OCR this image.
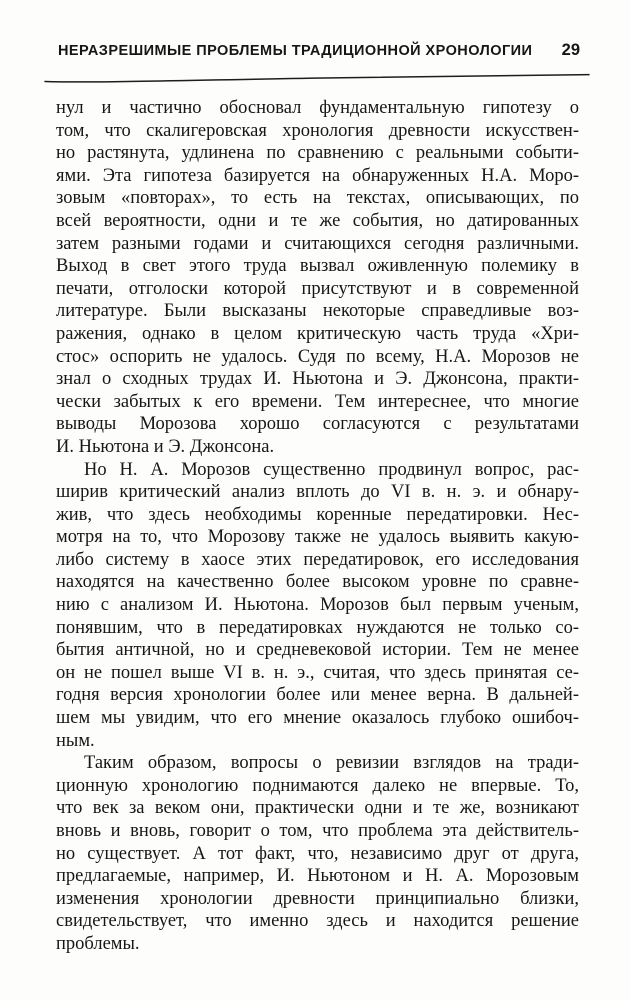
НЕРАЗРЕШИМЫЕ ПРОБЛЕМЫ ТРАДИЦИОННОЙ ХРОНОЛОГИИ 29
нул и частично обосновал фундаментальную гипотезу о
том, что скалигеровская хронология древности искусствен-
но растянута, удлинена по сравнению с реальными событи-
ями. Эта гипотеза базируется на обнаруженных Н.А. Моро-
зовым «повторах», то есть на текстах, описывающих, по
всей вероятности, одни и те же события, но датированных
затем разными годами и считающихся сегодня различными.
Выход в свет этого труда вызвал оживленную полемику в
печати, отголоски которой присутствуют и в современной
литературе. Были высказаны некоторые справедливые воз-
ражения, однако в целом критическую часть труда «Хри-
стос» оспорить не удалось. Судя по всему, Н.А. Морозов не
знал о сходных трудах И. Ньютона и Э. Джонсона, практи-
чески забытых к его времени. Тем интереснее, что многие
выводы Морозова хорошо согласуются с результатами
И. Ньютона и Э. Джонсона.
Но Н. А. Морозов существенно продвинул вопрос, рас-
ширив критический анализ вплоть до VI в. н. э. и обнару-
жив, что здесь необходимы коренные передатировки. Нес-
мотря на то, что Морозову также не удалось выявить какую-
либо систему в хаосе этих передатировок, его исследования
находятся на качественно более высоком уровне по сравне-
нию с анализом И. Ньютона. Морозов был первым ученым,
понявшим, что в передатировках нуждаются не только со-
бытия античной, но и средневековой истории. Тем не менее
он не пошел выше VI в. н. э., считая, что здесь принятая се-
годня версия хронологии более или менее верна. В дальней-
шем мы увидим, что его мнение оказалось глубоко ошибоч-
ным.
Таким образом, вопросы о ревизии взглядов на тради-
ционную хронологию поднимаются далеко не впервые. То,
что век за веком они, практически одни и те же, возникают
вновь и вновь, говорит о том, что проблема эта действитель-
но существует. А тот факт, что, независимо друг от друга,
предлагаемые, например, И. Ньютоном и Н. А. Морозовым
изменения хронологии древности принципиально близки,
свидетельствует, что именно здесь и находится решение
проблемы.
